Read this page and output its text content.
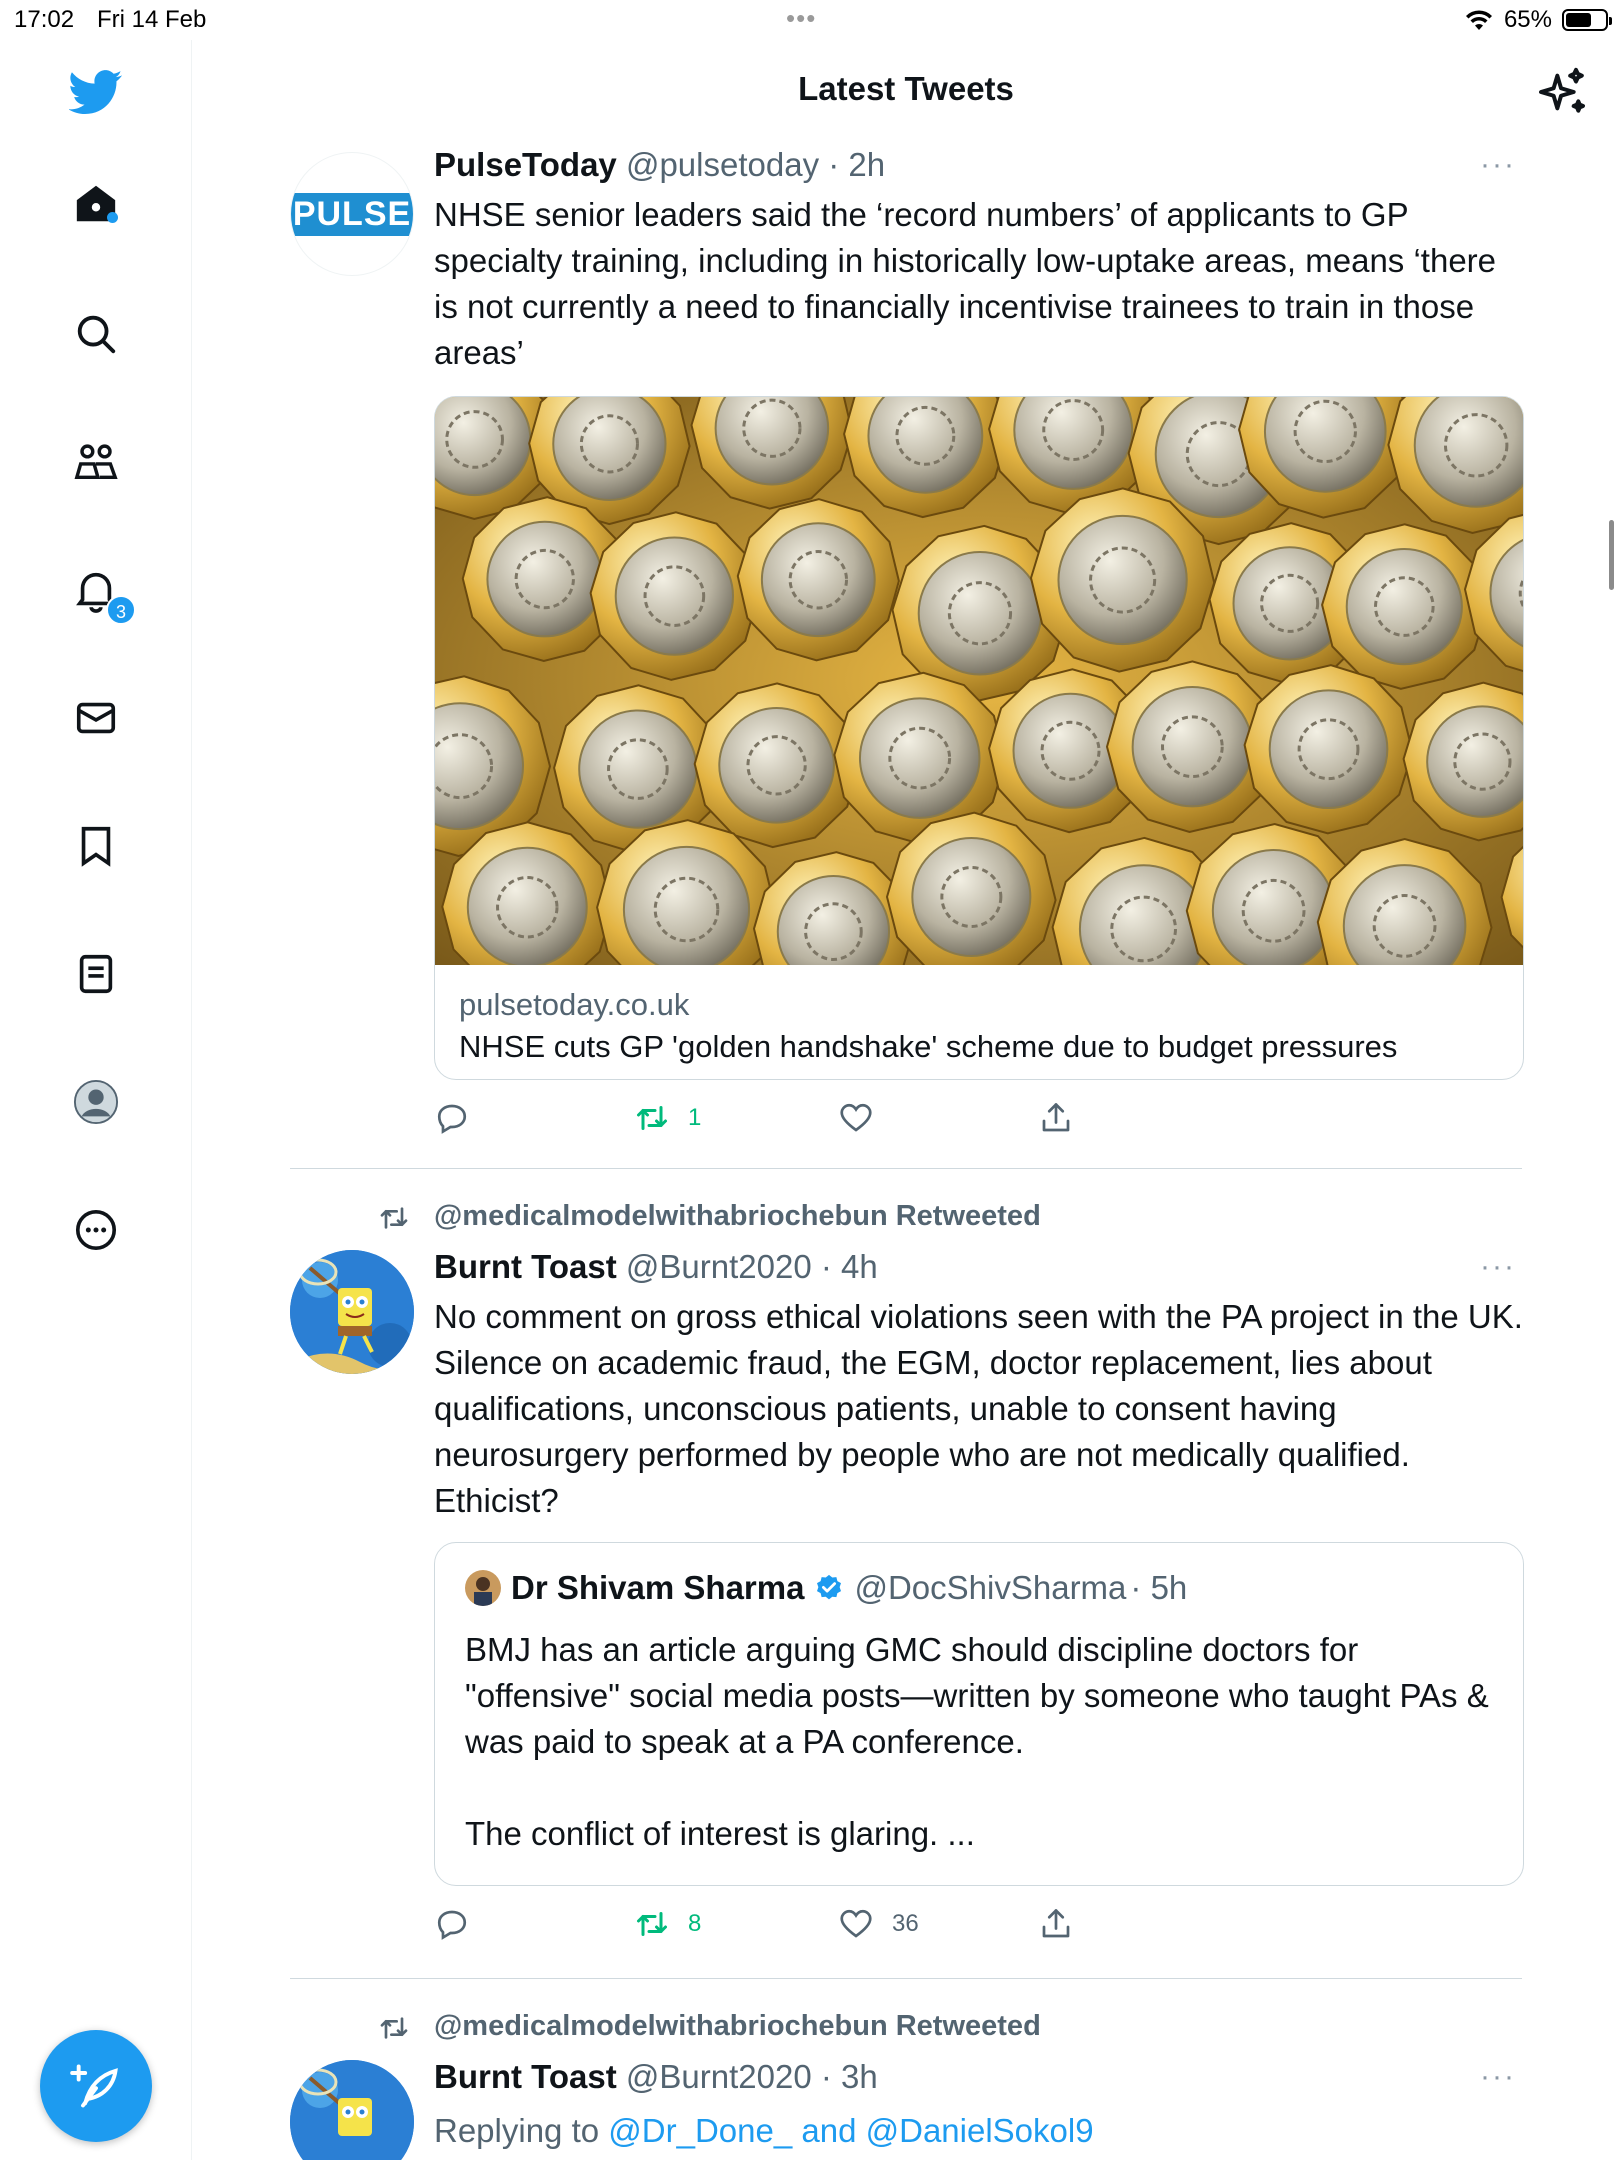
17:02 Fri 14 Feb	•••	65%
3
Latest Tweets
PULSE
PulseToday @pulsetoday · 2h	···
NHSE senior leaders said the ‘record numbers’ of applicants to GP specialty training, including in historically low-uptake areas, means ‘there is not currently a need to financially incentivise trainees to train in those areas’
pulsetoday.co.uk
NHSE cuts GP 'golden handshake' scheme due to budget pressures
1
@medicalmodelwithabriochebun Retweeted
Burnt Toast @Burnt2020 · 4h	···
No comment on gross ethical violations seen with the PA project in the UK. Silence on academic fraud, the EGM, doctor replacement, lies about qualifications, unconscious patients, unable to consent having neurosurgery performed by people who are not medically qualified. Ethicist?
Dr Shivam Sharma @DocShivSharma · 5h
BMJ has an article arguing GMC should discipline doctors for "offensive" social media posts—written by someone who taught PAs & was paid to speak at a PA conference.
The conflict of interest is glaring. ...
8	36
@medicalmodelwithabriochebun Retweeted
Burnt Toast @Burnt2020 · 3h	···
Replying to @Dr_Done_ and @DanielSokol9
